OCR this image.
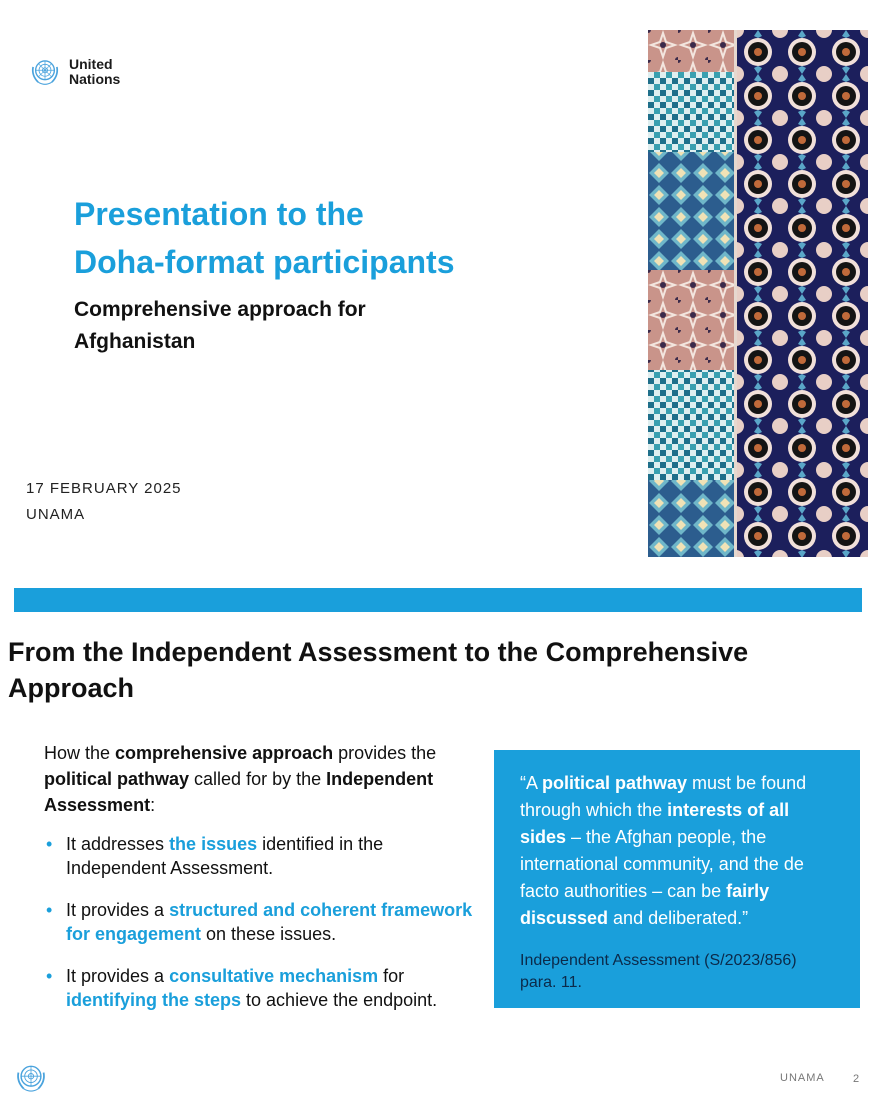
United
Nations
Presentation to the
Doha-format participants
Comprehensive approach for
Afghanistan
17 FEBRUARY 2025
UNAMA
From the Independent Assessment to the Comprehensive
Approach

How the comprehensive approach provides the political pathway called for by the Independent Assessment:

• It addresses the issues identified in the Independent Assessment.
• It provides a structured and coherent framework for engagement on these issues.
• It provides a consultative mechanism for identifying the steps to achieve the endpoint.

“A political pathway must be found through which the interests of all sides – the Afghan people, the international community, and the de facto authorities – can be fairly discussed and deliberated.”

Independent Assessment (S/2023/856) para. 11.

UNAMA	2
